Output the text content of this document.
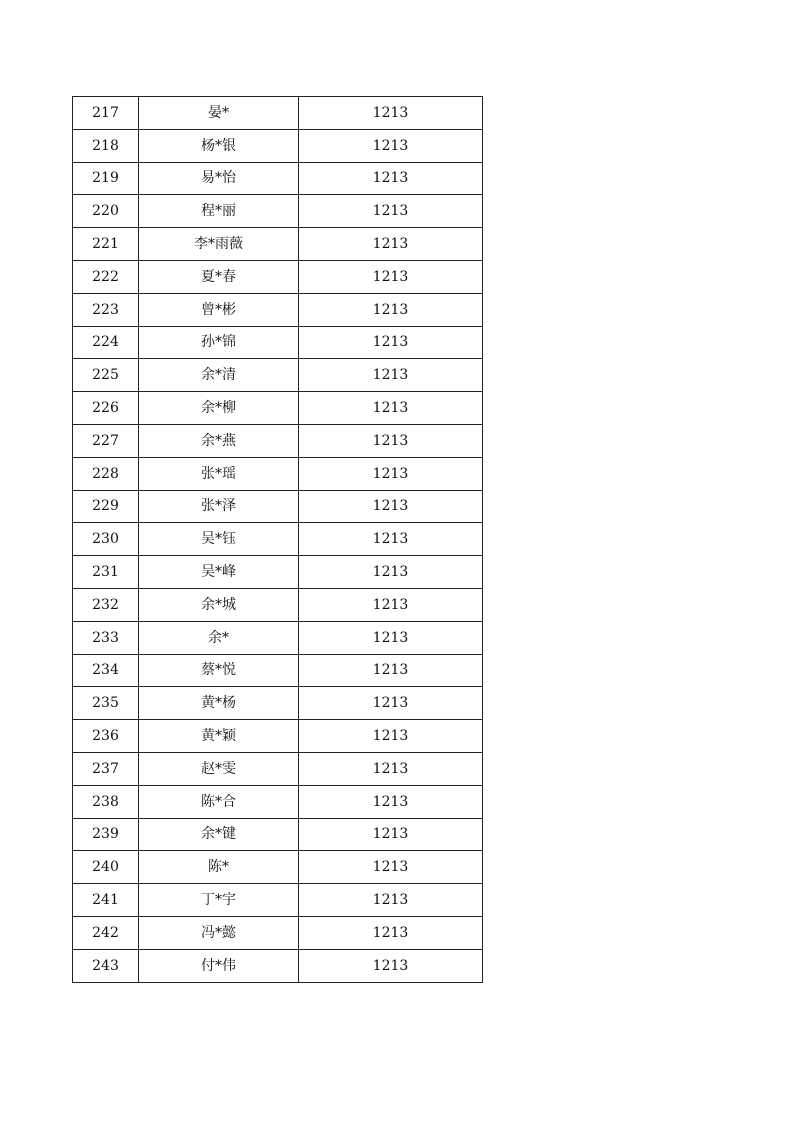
217	晏*	1213
218	杨*银	1213
219	易*怡	1213
220	程*丽	1213
221	李*雨薇	1213
222	夏*春	1213
223	曾*彬	1213
224	孙*锦	1213
225	余*清	1213
226	余*柳	1213
227	余*燕	1213
228	张*瑶	1213
229	张*泽	1213
230	吴*钰	1213
231	吴*峰	1213
232	余*城	1213
233	余*	1213
234	蔡*悦	1213
235	黄*杨	1213
236	黄*颖	1213
237	赵*雯	1213
238	陈*合	1213
239	余*键	1213
240	陈*	1213
241	丁*宇	1213
242	冯*懿	1213
243	付*伟	1213
